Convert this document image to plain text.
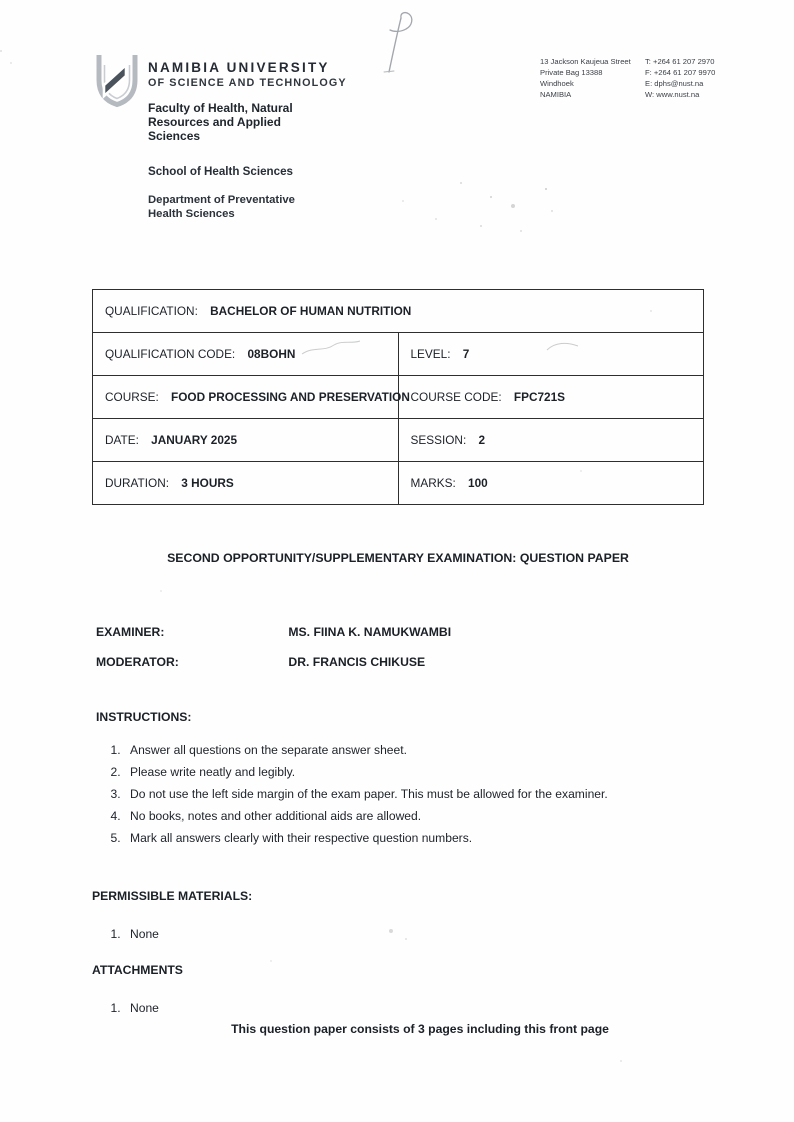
NAMIBIA UNIVERSITY
OF SCIENCE AND TECHNOLOGY
Faculty of Health, Natural Resources and Applied Sciences
School of Health Sciences
Department of Preventative Health Sciences
13 Jackson Kaujeua Street
Private Bag 13388
Windhoek
NAMIBIA
T: +264 61 207 2970
F: +264 61 207 9970
E: dphs@nust.na
W: www.nust.na
QUALIFICATION: BACHELOR OF HUMAN NUTRITION	
QUALIFICATION CODE: 08BOHN	LEVEL: 7
COURSE: FOOD PROCESSING AND PRESERVATION	COURSE CODE: FPC721S
DATE: JANUARY 2025	SESSION: 2
DURATION: 3 HOURS	MARKS: 100
SECOND OPPORTUNITY/SUPPLEMENTARY EXAMINATION: QUESTION PAPER
EXAMINER:	MS. FIINA K. NAMUKWAMBI
MODERATOR:	DR. FRANCIS CHIKUSE
INSTRUCTIONS:
1. Answer all questions on the separate answer sheet.
2. Please write neatly and legibly.
3. Do not use the left side margin of the exam paper. This must be allowed for the examiner.
4. No books, notes and other additional aids are allowed.
5. Mark all answers clearly with their respective question numbers.
PERMISSIBLE MATERIALS:
1. None
ATTACHMENTS
1. None
This question paper consists of 3 pages including this front page
